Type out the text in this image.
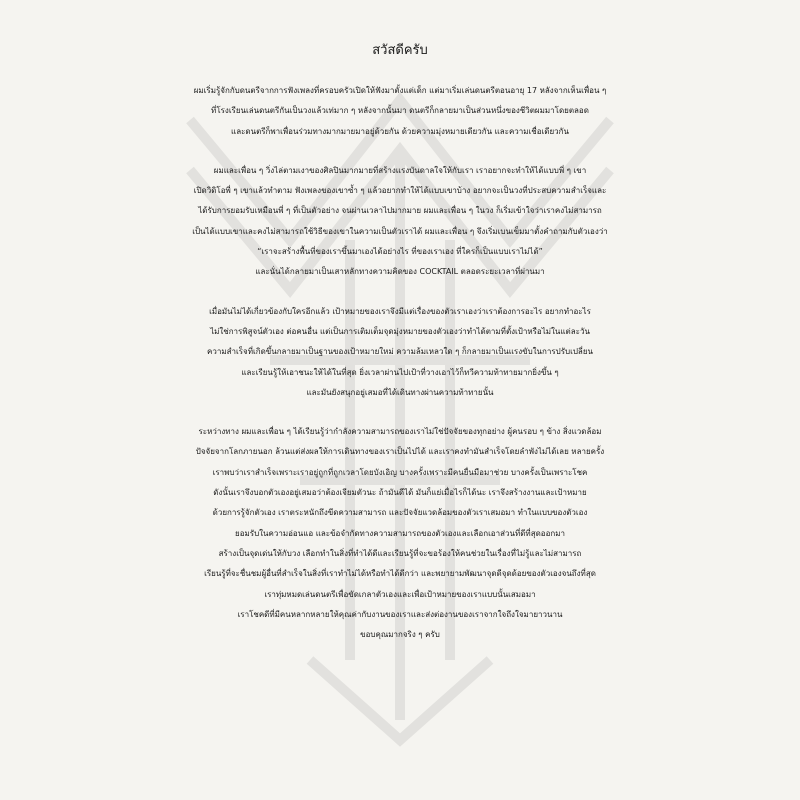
สวัสดีครับ
ผมเริ่มรู้จักกับดนตรีจากการฟังเพลงที่ครอบครัวเปิดให้ฟังมาตั้งแต่เด็ก แต่มาเริ่มเล่นดนตรีตอนอายุ 17 หลังจากเห็นเพื่อน ๆ
ที่โรงเรียนเล่นดนตรีกันเป็นวงแล้วเท่มาก ๆ หลังจากนั้นมา ดนตรีก็กลายมาเป็นส่วนหนึ่งของชีวิตผมมาโดยตลอด
และดนตรีก็พาเพื่อนร่วมทางมากมายมาอยู่ด้วยกัน ด้วยความมุ่งหมายเดียวกัน และความเชื่อเดียวกัน
ผมและเพื่อน ๆ วิ่งไล่ตามเงาของศิลปินมากมายที่สร้างแรงบันดาลใจให้กับเรา เราอยากจะทำให้ได้แบบพี่ ๆ เขา
เปิดวิดิโอพี่ ๆ เขาแล้วทำตาม ฟังเพลงของเขาซ้ำ ๆ แล้วอยากทำให้ได้แบบเขาบ้าง อยากจะเป็นวงที่ประสบความสำเร็จและ
ได้รับการยอมรับเหมือนพี่ ๆ ที่เป็นตัวอย่าง จนผ่านเวลาไปมากมาย ผมและเพื่อน ๆ ในวง ก็เริ่มเข้าใจว่าเราคงไม่สามารถ
เป็นได้แบบเขาและคงไม่สามารถใช้วิธีของเขาในความเป็นตัวเราได้ ผมและเพื่อน ๆ จึงเริ่มเบนเข็มมาตั้งคำถามกับตัวเองว่า
“เราจะสร้างพื้นที่ของเราขึ้นมาเองได้อย่างไร ที่ของเราเอง ที่ใครก็เป็นแบบเราไม่ได้”
และนั่นได้กลายมาเป็นเสาหลักทางความคิดของ COCKTAIL ตลอดระยะเวลาที่ผ่านมา
เมื่อมันไม่ได้เกี่ยวข้องกับใครอีกแล้ว เป้าหมายของเราจึงมีแต่เรื่องของตัวเราเองว่าเราต้องการอะไร อยากทำอะไร
ไม่ใช่การพิสูจน์ตัวเอง ต่อคนอื่น แต่เป็นการเติมเต็มจุดมุ่งหมายของตัวเองว่าทำได้ตามที่ตั้งเป้าหรือไม่ในแต่ละวัน
ความสำเร็จที่เกิดขึ้นกลายมาเป็นฐานของเป้าหมายใหม่ ความล้มเหลวใด ๆ ก็กลายมาเป็นแรงขับในการปรับเปลี่ยน
และเรียนรู้ให้เอาชนะให้ได้ในที่สุด ยิ่งเวลาผ่านไปเป้าที่วางเอาไว้ก็ทวีความท้าทายมากยิ่งขึ้น ๆ
และมันยังสนุกอยู่เสมอที่ได้เดินทางผ่านความท้าทายนั้น
ระหว่างทาง ผมและเพื่อน ๆ ได้เรียนรู้ว่ากำลังความสามารถของเราไม่ใช่ปัจจัยของทุกอย่าง ผู้คนรอบ ๆ ข้าง สิ่งแวดล้อม
ปัจจัยจากโลกภายนอก ล้วนแต่ส่งผลให้การเดินทางของเราเป็นไปได้ และเราคงทำมันสำเร็จโดยลำพังไม่ได้เลย หลายครั้ง
เราพบว่าเราสำเร็จเพราะเราอยู่ถูกที่ถูกเวลาโดยบังเอิญ บางครั้งเพราะมีคนยื่นมือมาช่วย บางครั้งเป็นเพราะโชค
ดังนั้นเราจึงบอกตัวเองอยู่เสมอว่าต้องเจียมตัวนะ ถ้ามันดีได้ มันก็แย่เมื่อไรก็ได้นะ เราจึงสร้างงานและเป้าหมาย
ด้วยการรู้จักตัวเอง เราตระหนักถึงขีดความสามารถ และปัจจัยแวดล้อมของตัวเราเสมอมา ทำในแบบของตัวเอง
ยอมรับในความอ่อนแอ และข้อจำกัดทางความสามารถของตัวเองและเลือกเอาส่วนที่ดีที่สุดออกมา
สร้างเป็นจุดเด่นให้กับวง เลือกทำในสิ่งที่ทำได้ดีและเรียนรู้ที่จะขอร้องให้คนช่วยในเรื่องที่ไม่รู้และไม่สามารถ
เรียนรู้ที่จะชื่นชมผู้อื่นที่สำเร็จในสิ่งที่เราทำไม่ได้หรือทำได้ดีกว่า และพยายามพัฒนาจุดดีจุดด้อยของตัวเองจนถึงที่สุด
เราทุ่มหมดเล่นดนตรีเพื่อขัดเกลาตัวเองและเพื่อเป้าหมายของเราแบบนั้นเสมอมา
เราโชคดีที่มีคนหลากหลายให้คุณค่ากับงานของเราและส่งต่องานของเราจากใจถึงใจมายาวนาน
ขอบคุณมากจริง ๆ ครับ
